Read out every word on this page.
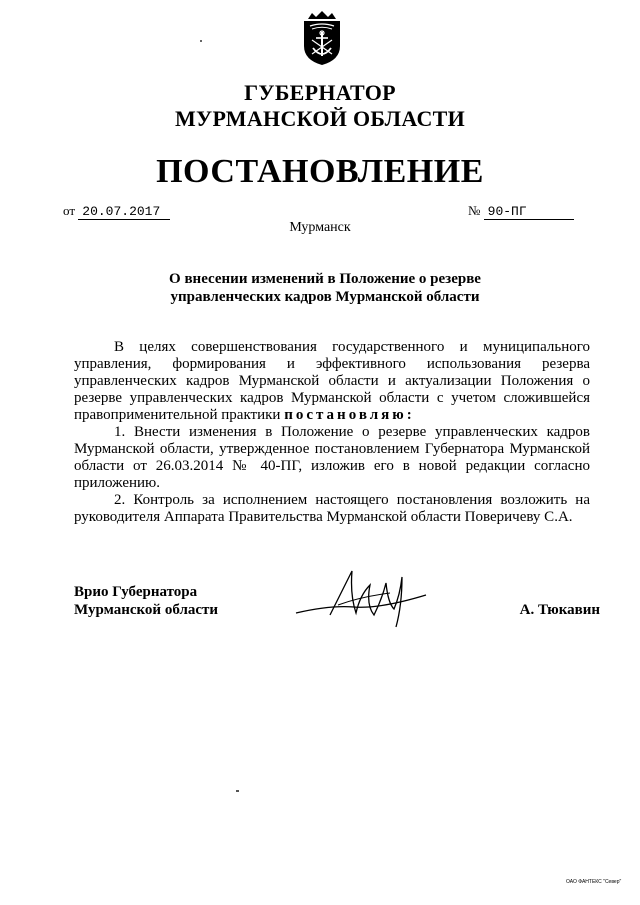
ГУБЕРНАТОР
МУРМАНСКОЙ ОБЛАСТИ
ПОСТАНОВЛЕНИЕ
от 20.07.2017	№ 90-ПГ
Мурманск
О внесении изменений в Положение о резерве управленческих кадров Мурманской области

В целях совершенствования государственного и муниципального управления, формирования и эффективного использования резерва управленческих кадров Мурманской области и актуализации Положения о резерве управленческих кадров Мурманской области с учетом сложившейся правоприменительной практики постановляю:

1. Внести изменения в Положение о резерве управленческих кадров Мурманской области, утвержденное постановлением Губернатора Мурманской области от 26.03.2014 № 40-ПГ, изложив его в новой редакции согласно приложению.

2. Контроль за исполнением настоящего постановления возложить на руководителя Аппарата Правительства Мурманской области Поверичеву С.А.

Врио Губернатора
Мурманской области	А. Тюкавин
ОАО ФАНТЕКС "Север"
